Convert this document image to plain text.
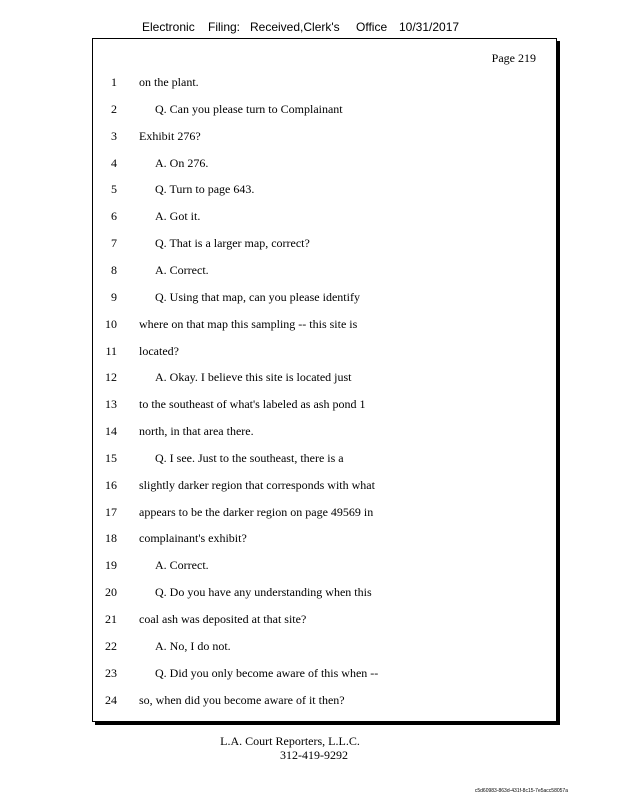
Electronic Filing: Received,Clerk's Office 10/31/2017
Page 219
1 on the plant.
2	Q. Can you please turn to Complainant
3 Exhibit 276?
4	A. On 276.
5	Q. Turn to page 643.
6	A. Got it.
7	Q. That is a larger map, correct?
8	A. Correct.
9	Q. Using that map, can you please identify
10 where on that map this sampling -- this site is
11 located?
12	A. Okay. I believe this site is located just
13 to the southeast of what's labeled as ash pond 1
14 north, in that area there.
15	Q. I see. Just to the southeast, there is a
16 slightly darker region that corresponds with what
17 appears to be the darker region on page 49569 in
18 complainant's exhibit?
19	A. Correct.
20	Q. Do you have any understanding when this
21 coal ash was deposited at that site?
22	A. No, I do not.
23	Q. Did you only become aware of this when --
24 so, when did you become aware of it then?
L.A. Court Reporters, L.L.C.

312-419-9292
c5d60983-863d-431f-8c15-7e5acc58057a
